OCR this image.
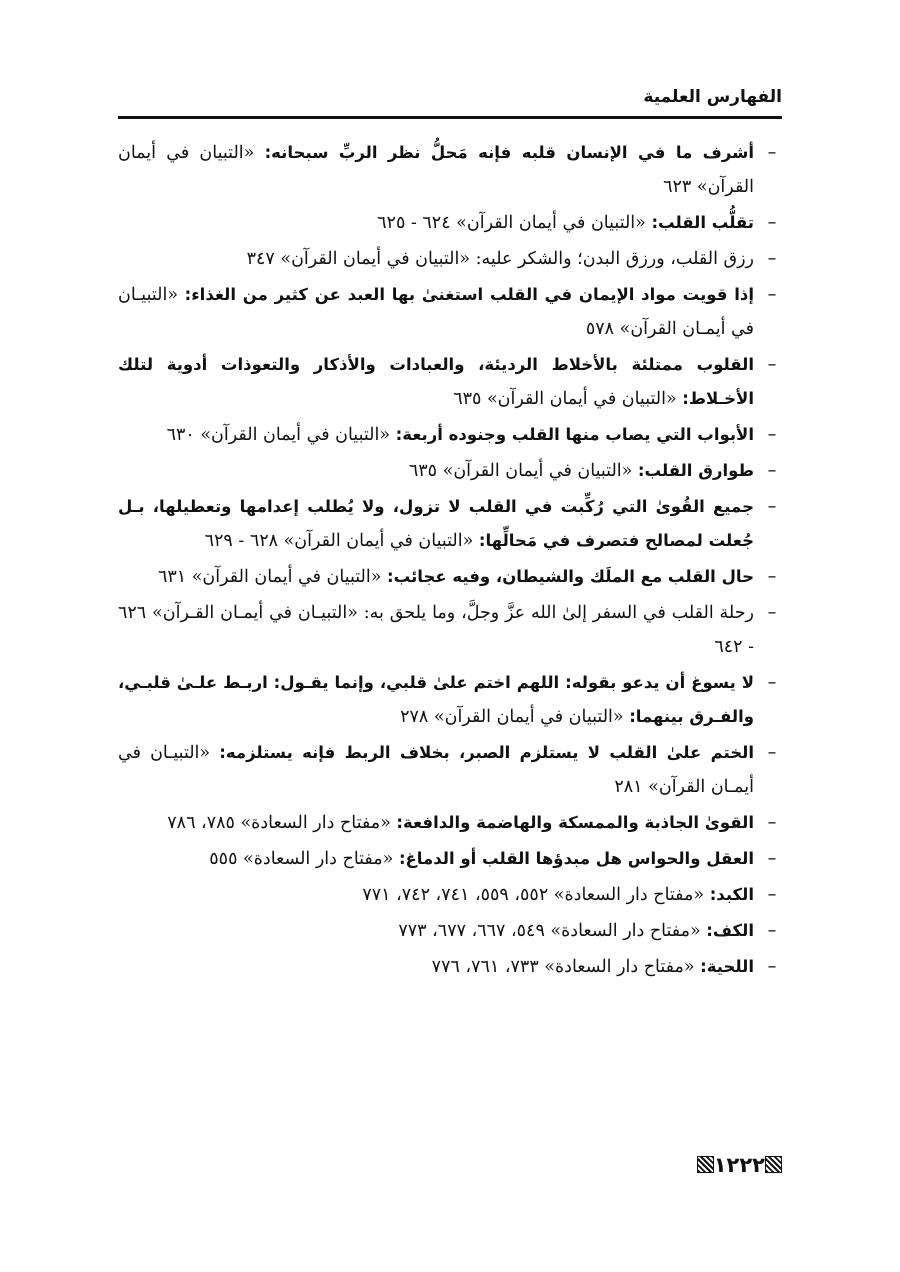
الفهارس العلمية
–
أشرف ما في الإنسان قلبه فإنه مَحلُّ نظر الربِّ سبحانه: «التبيان في أيمان القرآن» ٦٢٣
–
تقلُّب القلب: «التبيان في أيمان القرآن» ٦٢٤ - ٦٢٥
–
رزق القلب، ورزق البدن؛ والشكر عليه: «التبيان في أيمان القرآن» ٣٤٧
–
إذا قويت مواد الإيمان في القلب استغنىٰ بها العبد عن كثير من الغذاء: «التبيـان في أيمـان القرآن» ٥٧٨
–
القلوب ممتلئة بالأخلاط الرديئة، والعبادات والأذكار والتعوذات أدوية لتلك الأخـلاط: «التبيان في أيمان القرآن» ٦٣٥
–
الأبواب التي يصاب منها القلب وجنوده أربعة: «التبيان في أيمان القرآن» ٦٣٠
–
طوارق القلب: «التبيان في أيمان القرآن» ٦٣٥
–
جميع القُوىٰ التي رُكِّبت في القلب لا تزول، ولا يُطلب إعدامها وتعطيلها، بـل جُعلت لمصالح فتصرف في مَحالِّها: «التبيان في أيمان القرآن» ٦٢٨ - ٦٢٩
–
حال القلب مع الملَك والشيطان، وفيه عجائب: «التبيان في أيمان القرآن» ٦٣١
–
رحلة القلب في السفر إلىٰ الله عزَّ وجلَّ، وما يلحق به: «التبيـان في أيمـان القـرآن» ٦٢٦ - ٦٤٢
–
لا يسوغ أن يدعو بقوله: اللهم اختم علىٰ قلبي، وإنما يقـول: اربـط علـىٰ قلبـي، والفـرق بينهما: «التبيان في أيمان القرآن» ٢٧٨
–
الختم علىٰ القلب لا يستلزم الصبر، بخلاف الربط فإنه يستلزمه: «التبيـان في أيمـان القرآن» ٢٨١
–
القوىٰ الجاذبة والممسكة والهاضمة والدافعة: «مفتاح دار السعادة» ٧٨٥، ٧٨٦
–
العقل والحواس هل مبدؤها القلب أو الدماغ: «مفتاح دار السعادة» ٥٥٥
–
الكبد: «مفتاح دار السعادة» ٥٥٢، ٥٥٩، ٧٤١، ٧٤٢، ٧٧١
–
الكف: «مفتاح دار السعادة» ٥٤٩، ٦٦٧، ٦٧٧، ٧٧٣
–
اللحية: «مفتاح دار السعادة» ٧٣٣، ٧٦١، ٧٧٦
١٢٢٢
